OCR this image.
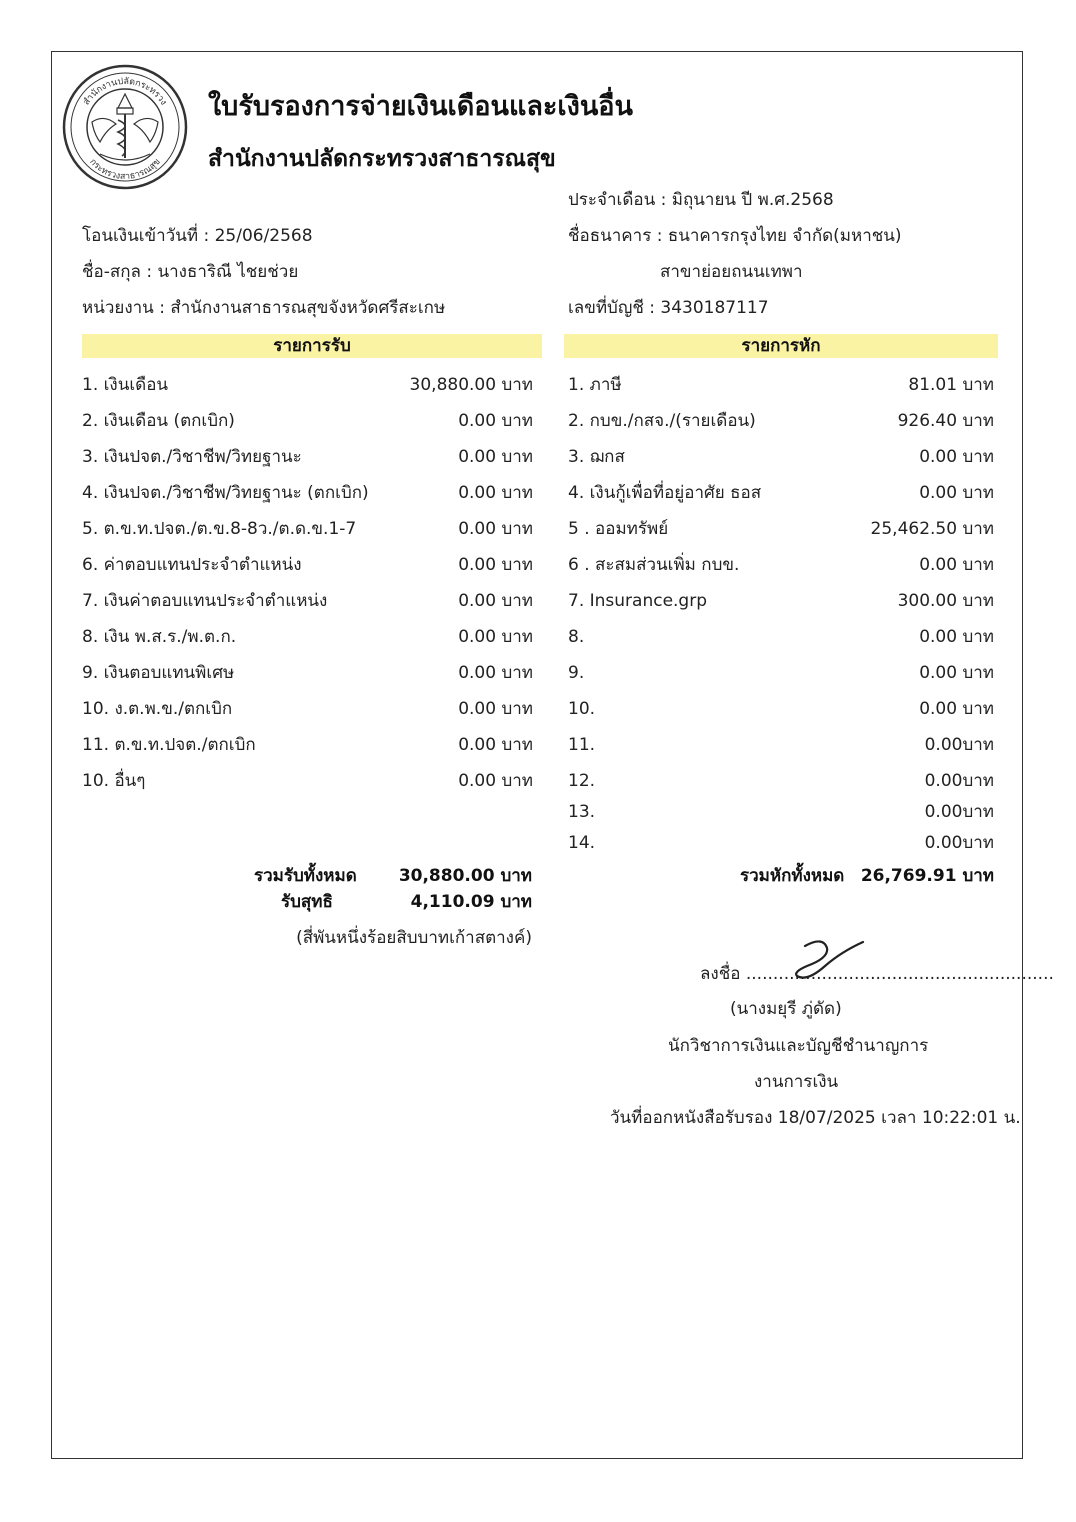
สำนักงานปลัดกระทรวง
กระทรวงสาธารณสุข
ใบรับรองการจ่ายเงินเดือนและเงินอื่น
สำนักงานปลัดกระทรวงสาธารณสุข
ประจำเดือน : มิถุนายน ปี พ.ศ.2568
โอนเงินเข้าวันที่ : 25/06/2568	ชื่อธนาคาร : ธนาคารกรุงไทย จำกัด(มหาชน)
ชื่อ-สกุล : นางธาริณี ไชยช่วย	สาขาย่อยถนนเทพา
หน่วยงาน : สำนักงานสาธารณสุขจังหวัดศรีสะเกษ	เลขที่บัญชี : 3430187117
รายการรับ	รายการหัก
1. เงินเดือน	30,880.00 บาท
2. เงินเดือน (ตกเบิก)	0.00 บาท
3. เงินปจต./วิชาชีพ/วิทยฐานะ	0.00 บาท
4. เงินปจต./วิชาชีพ/วิทยฐานะ (ตกเบิก)	0.00 บาท
5. ต.ข.ท.ปจต./ต.ข.8-8ว./ต.ด.ข.1-7	0.00 บาท
6. ค่าตอบแทนประจำตำแหน่ง	0.00 บาท
7. เงินค่าตอบแทนประจำตำแหน่ง	0.00 บาท
8. เงิน พ.ส.ร./พ.ต.ก.	0.00 บาท
9. เงินตอบแทนพิเศษ	0.00 บาท
10. ง.ต.พ.ข./ตกเบิก	0.00 บาท
11. ต.ข.ท.ปจต./ตกเบิก	0.00 บาท
10. อื่นๆ	0.00 บาท
1. ภาษี	81.01 บาท
2. กบข./กสจ./(รายเดือน)	926.40 บาท
3. ฌกส	0.00 บาท
4. เงินกู้เพื่อที่อยู่อาศัย ธอส	0.00 บาท
5 . ออมทรัพย์	25,462.50 บาท
6 . สะสมส่วนเพิ่ม กบข.	0.00 บาท
7. Insurance.grp	300.00 บาท
8.	0.00 บาท
9.	0.00 บาท
10.	0.00 บาท
11.	0.00บาท
12.	0.00บาท
13.	0.00บาท
14.	0.00บาท
รวมรับทั้งหมด 30,880.00 บาท
รับสุทธิ	4,110.09 บาท
(สี่พันหนึ่งร้อยสิบบาทเก้าสตางค์)
รวมหักทั้งหมด 26,769.91 บาท
ลงชื่อ .........................................................
(นางมยุรี ภู่ดัด)
นักวิชาการเงินและบัญชีชำนาญการ
งานการเงิน
วันที่ออกหนังสือรับรอง 18/07/2025 เวลา 10:22:01 น.
